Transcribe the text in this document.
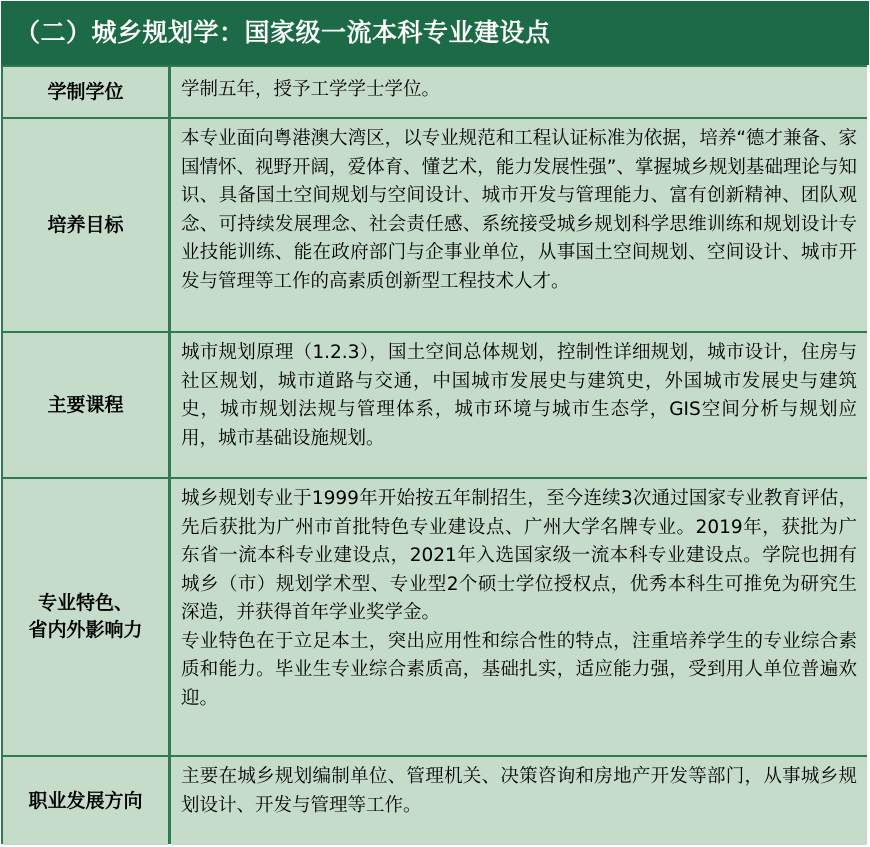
（二）城乡规划学：国家级一流本科专业建设点
学制学位	学制五年，授予工学学士学位。
培养目标
本专业面向粤港澳大湾区，以专业规范和工程认证标准为依据，培养“德才兼备、家国情怀、视野开阔，爱体育、懂艺术，能力发展性强”、掌握城乡规划基础理论与知识、具备国土空间规划与空间设计、城市开发与管理能力、富有创新精神、团队观念、可持续发展理念、社会责任感、系统接受城乡规划科学思维训练和规划设计专业技能训练、能在政府部门与企事业单位，从事国土空间规划、空间设计、城市开发与管理等工作的高素质创新型工程技术人才。
主要课程
城市规划原理（1.2.3），国土空间总体规划，控制性详细规划，城市设计，住房与社区规划，城市道路与交通，中国城市发展史与建筑史，外国城市发展史与建筑史，城市规划法规与管理体系，城市环境与城市生态学，GIS空间分析与规划应用，城市基础设施规划。
专业特色、
省内外影响力
城乡规划专业于1999年开始按五年制招生，至今连续3次通过国家专业教育评估，先后获批为广州市首批特色专业建设点、广州大学名牌专业。2019年，获批为广东省一流本科专业建设点，2021年入选国家级一流本科专业建设点。学院也拥有城乡（市）规划学术型、专业型2个硕士学位授权点，优秀本科生可推免为研究生深造，并获得首年学业奖学金。
专业特色在于立足本土，突出应用性和综合性的特点，注重培养学生的专业综合素质和能力。毕业生专业综合素质高，基础扎实，适应能力强，受到用人单位普遍欢迎。
职业发展方向
主要在城乡规划编制单位、管理机关、决策咨询和房地产开发等部门，从事城乡规划设计、开发与管理等工作。
